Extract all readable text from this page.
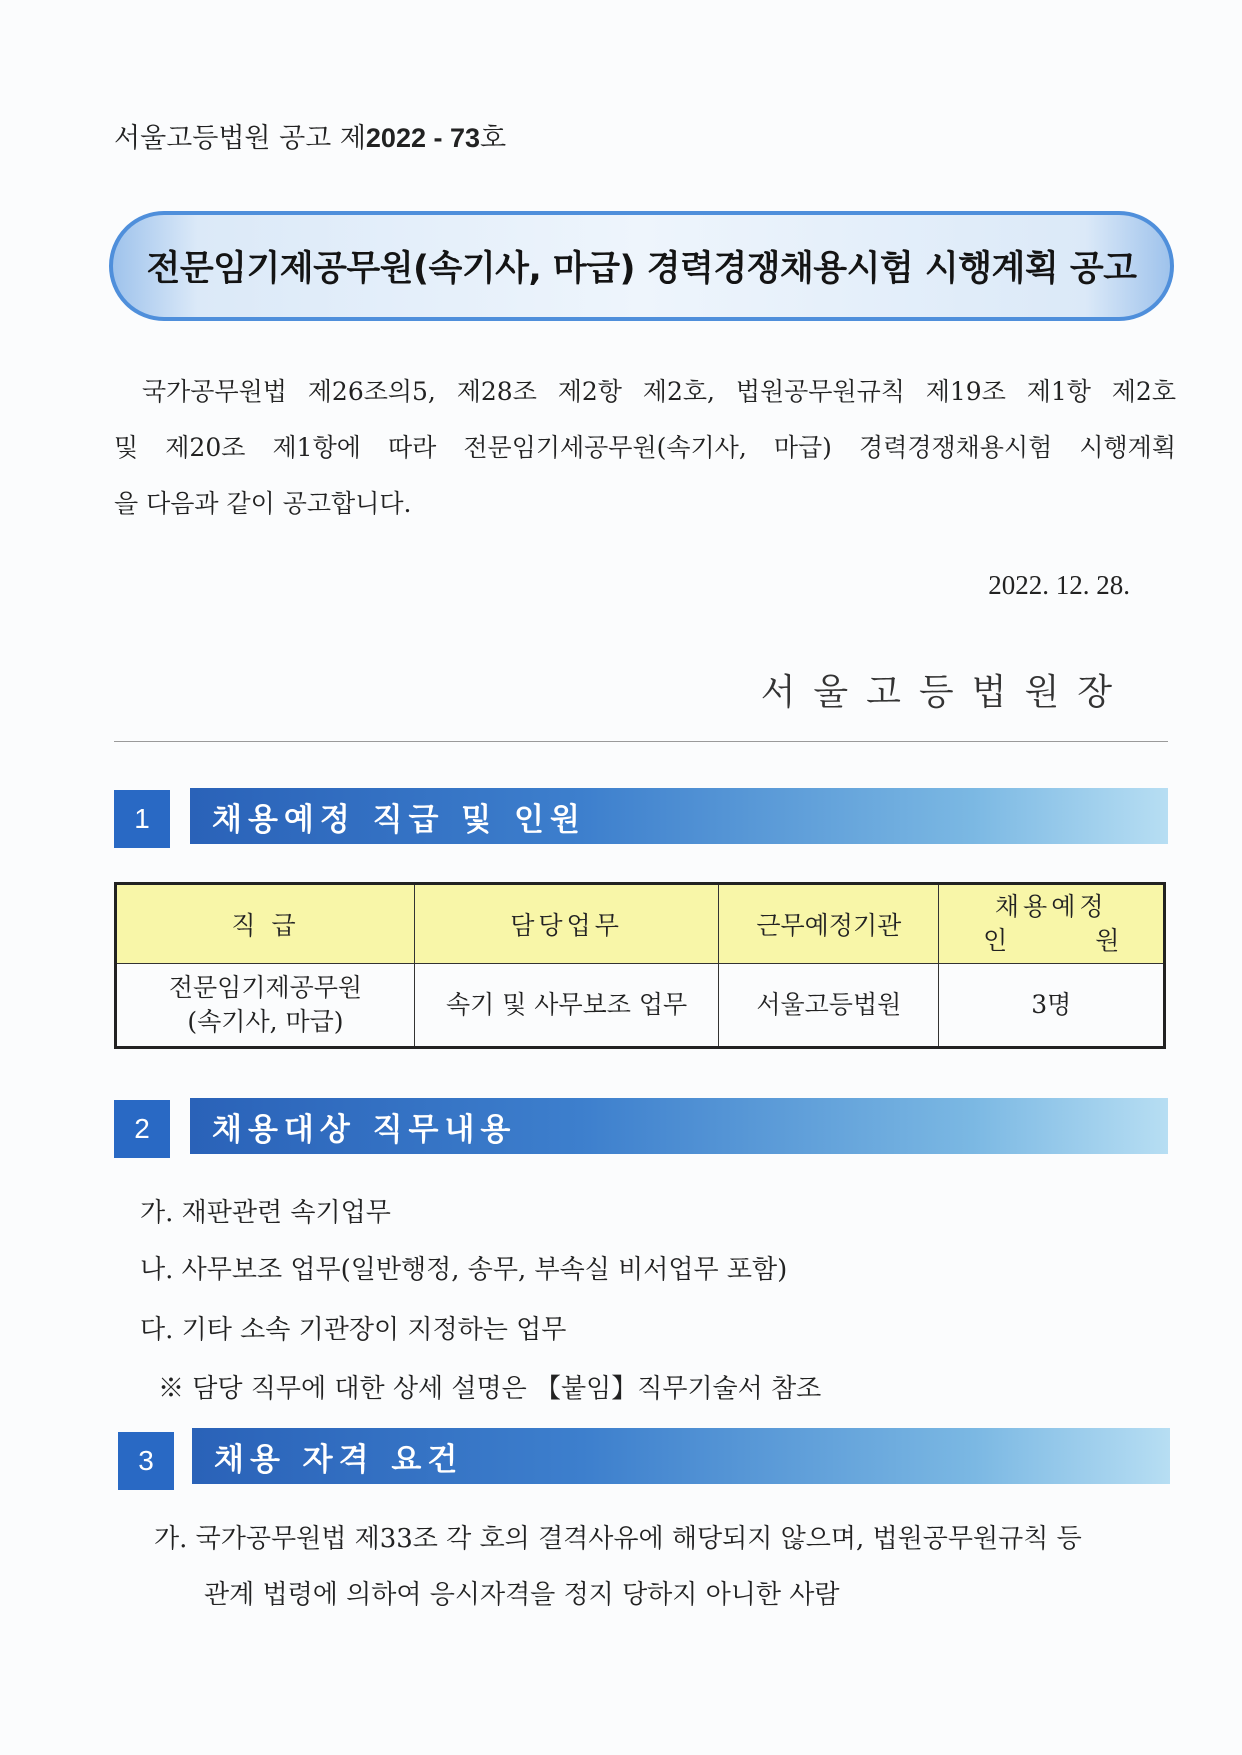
서울고등법원 공고 제2022 - 73호
전문임기제공무원(속기사, 마급) 경력경쟁채용시험 시행계획 공고
국가공무원법 제26조의5, 제28조 제2항 제2호, 법원공무원규칙 제19조 제1항 제2호
및 제20조 제1항에 따라 전문임기세공무원(속기사, 마급) 경력경쟁채용시험 시행계획
을 다음과 같이 공고합니다.
2022. 12. 28.
서울고등법원장
1	채용예정 직급 및 인원
직 급	담당업무	근무예정기관	채용예정
인 원

전문임기제공무원
(속기사, 마급)	속기 및 사무보조 업무	서울고등법원	3명
2	채용대상 직무내용
가. 재판관련 속기업무
나. 사무보조 업무(일반행정, 송무, 부속실 비서업무 포함)
다. 기타 소속 기관장이 지정하는 업무
※ 담당 직무에 대한 상세 설명은 【붙임】직무기술서 참조
3	채용 자격 요건
가. 국가공무원법 제33조 각 호의 결격사유에 해당되지 않으며, 법원공무원규칙 등
관계 법령에 의하여 응시자격을 정지 당하지 아니한 사람
